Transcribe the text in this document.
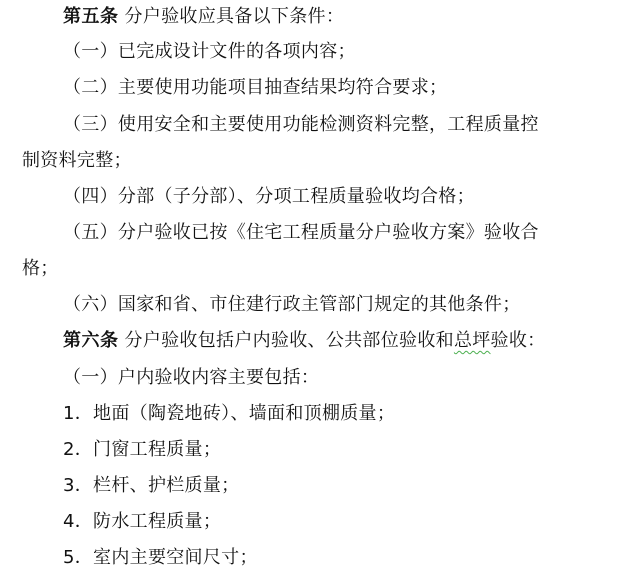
第五条 分户验收应具备以下条件：
（一）已完成设计文件的各项内容；
（二）主要使用功能项目抽查结果均符合要求；
（三）使用安全和主要使用功能检测资料完整，工程质量控
制资料完整；
（四）分部（子分部）、分项工程质量验收均合格；
（五）分户验收已按《住宅工程质量分户验收方案》验收合
格；
（六）国家和省、市住建行政主管部门规定的其他条件；
第六条 分户验收包括户内验收、公共部位验收和总坪验收：
（一）户内验收内容主要包括：
1．地面（陶瓷地砖）、墙面和顶棚质量；
2．门窗工程质量；
3．栏杆、护栏质量；
4．防水工程质量；
5．室内主要空间尺寸；
